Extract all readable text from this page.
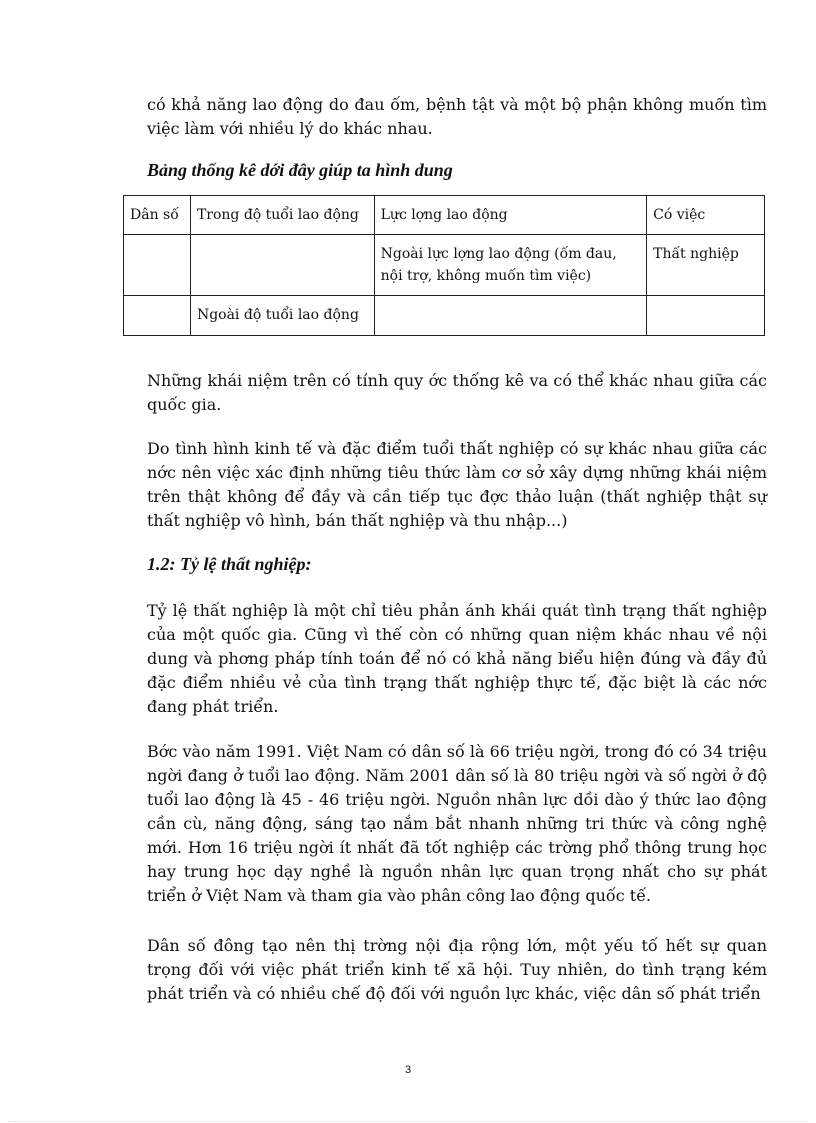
có khả năng lao động do đau ốm, bệnh tật và một bộ phận không muốn tìm việc làm với nhiều lý do khác nhau.

Bảng thống kê dới đây giúp ta hình dung
Dân số	Trong độ tuổi lao động	Lực lợng lao động	Có việc
		Ngoài lực lợng lao động (ốm đau, nội trợ, không muốn tìm việc)	Thất nghiệp
	Ngoài độ tuổi lao động		

Những khái niệm trên có tính quy ớc thống kê va có thể khác nhau giữa các quốc gia.

Do tình hình kinh tế và đặc điểm tuổi thất nghiệp có sự khác nhau giữa các nớc nên việc xác định những tiêu thức làm cơ sở xây dựng những khái niệm trên thật không để đầy và cần tiếp tục đợc thảo luận (thất nghiệp thật sự thất nghiệp vô hình, bán thất nghiệp và thu nhập...)

1.2: Tỷ lệ thất nghiệp:

Tỷ lệ thất nghiệp là một chỉ tiêu phản ánh khái quát tình trạng thất nghiệp của một quốc gia. Cũng vì thế còn có những quan niệm khác nhau về nội dung và phơng pháp tính toán để nó có khả năng biểu hiện đúng và đầy đủ đặc điểm nhiều vẻ của tình trạng thất nghiệp thực tế, đặc biệt là các nớc đang phát triển.

Bớc vào năm 1991. Việt Nam có dân số là 66 triệu ngời, trong đó có 34 triệu ngời đang ở tuổi lao động. Năm 2001 dân số là 80 triệu ngời và số ngời ở độ tuổi lao động là 45 - 46 triệu ngời. Nguồn nhân lực dồi dào ý thức lao động cần cù, năng động, sáng tạo nắm bắt nhanh những tri thức và công nghệ mới. Hơn 16 triệu ngời ít nhất đã tốt nghiệp các trờng phổ thông trung học hay trung học dạy nghề là nguồn nhân lực quan trọng nhất cho sự phát triển ở Việt Nam và tham gia vào phân công lao động quốc tế.

Dân số đông tạo nên thị trờng nội địa rộng lớn, một yếu tố hết sự quan trọng đối với việc phát triển kinh tế xã hội. Tuy nhiên, do tình trạng kém phát triển và có nhiều chế độ đối với nguồn lực khác, việc dân số phát triển

3
